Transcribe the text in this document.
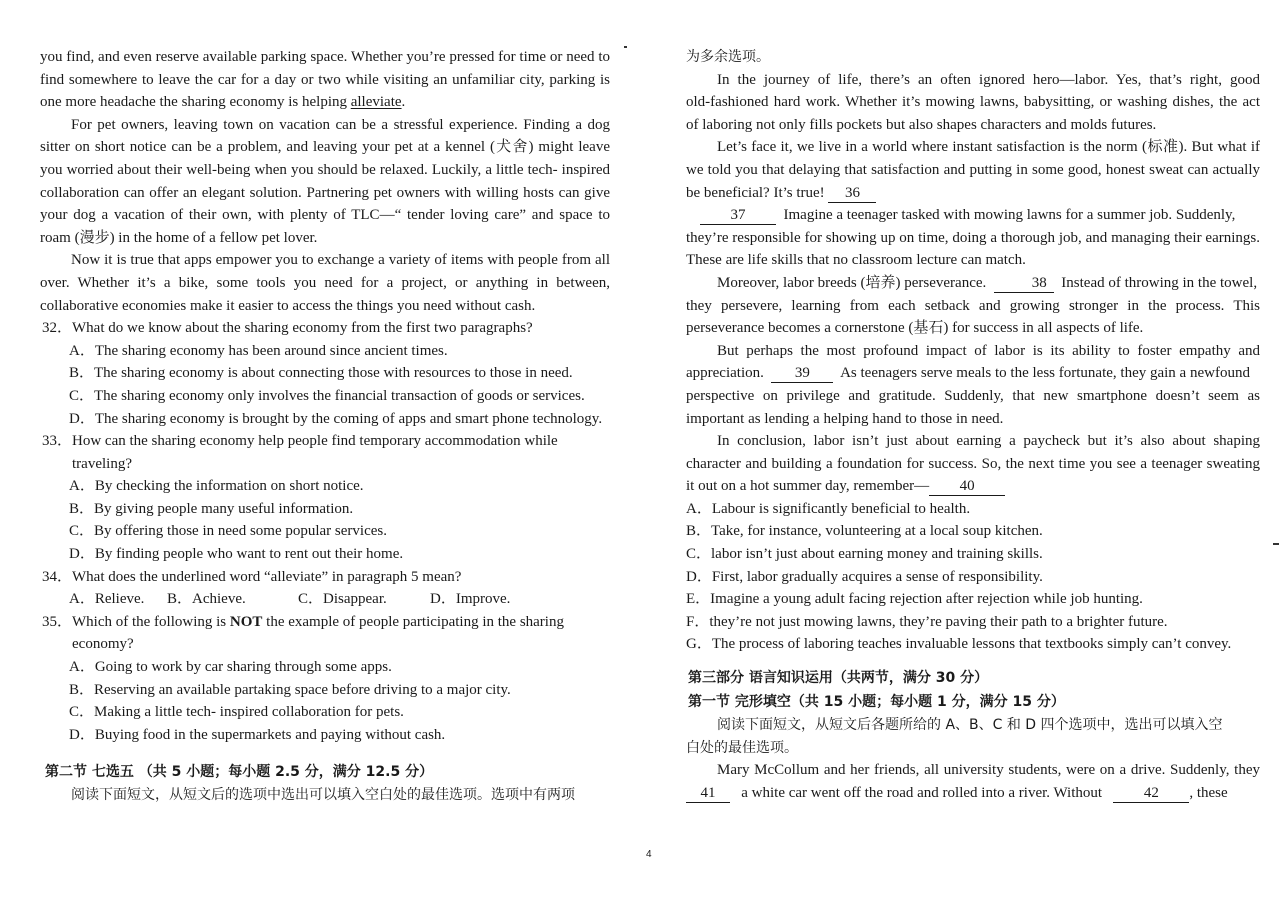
you find, and even reserve available parking space. Whether you’re pressed for time or need to
find somewhere to leave the car for a day or two while visiting an unfamiliar city, parking is
one more headache the sharing economy is helping alleviate.
For pet owners, leaving town on vacation can be a stressful experience. Finding a dog
sitter on short notice can be a problem, and leaving your pet at a kennel (犬舍) might leave
you worried about their well-being when you should be relaxed. Luckily, a little tech- inspired
collaboration can offer an elegant solution. Partnering pet owners with willing hosts can give
your dog a vacation of their own, with plenty of TLC—“ tender loving care” and space to
roam (漫步) in the home of a fellow pet lover.
Now it is true that apps empower you to exchange a variety of items with people from all
over. Whether it’s a bike, some tools you need for a project, or anything in between,
collaborative economies make it easier to access the things you need without cash.
32．What do we know about the sharing economy from the first two paragraphs?
A．The sharing economy has been around since ancient times.
B．The sharing economy is about connecting those with resources to those in need.
C．The sharing economy only involves the financial transaction of goods or services.
D．The sharing economy is brought by the coming of apps and smart phone technology.
33．How can the sharing economy help people find temporary accommodation while
traveling?
A．By checking the information on short notice.
B．By giving people many useful information.
C．By offering those in need some popular services.
D．By finding people who want to rent out their home.
34．What does the underlined word “alleviate” in paragraph 5 mean?
A．Relieve. B．Achieve.	C．Disappear.	D．Improve.
35．Which of the following is NOT the example of people participating in the sharing
economy?
A．Going to work by car sharing through some apps.
B．Reserving an available partaking space before driving to a major city.
C．Making a little tech- inspired collaboration for pets.
D．Buying food in the supermarkets and paying without cash.
第二节 七选五 （共 5 小题；每小题 2.5 分，满分 12.5 分）
阅读下面短文，从短文后的选项中选出可以填入空白处的最佳选项。选项中有两项
为多余选项。
In the journey of life, there’s an often ignored hero—labor. Yes, that’s right, good
old-fashioned hard work. Whether it’s mowing lawns, babysitting, or washing dishes, the act
of laboring not only fills pockets but also shapes characters and molds futures.
Let’s face it, we live in a world where instant satisfaction is the norm (标准). But what if
we told you that delaying that satisfaction and putting in some good, honest sweat can actually
be beneficial? It’s true! 36
37	Imagine a teenager tasked with mowing lawns for a summer job. Suddenly,
they’re responsible for showing up on time, doing a thorough job, and managing their earnings.
These are life skills that no classroom lecture can match.
Moreover, labor breeds (培养) perseverance.	38 Instead of throwing in the towel,
they persevere, learning from each setback and growing stronger in the process. This
perseverance becomes a cornerstone (基石) for success in all aspects of life.
But perhaps the most profound impact of labor is its ability to foster empathy and
appreciation. 39 As teenagers serve meals to the less fortunate, they gain a newfound
perspective on privilege and gratitude. Suddenly, that new smartphone doesn’t seem as
important as lending a helping hand to those in need.
In conclusion, labor isn’t just about earning a paycheck but it’s also about shaping
character and building a foundation for success. So, the next time you see a teenager sweating
it out on a hot summer day, remember— 40
A．Labour is significantly beneficial to health.
B．Take, for instance, volunteering at a local soup kitchen.
C．labor isn’t just about earning money and training skills.
D．First, labor gradually acquires a sense of responsibility.
E．Imagine a young adult facing rejection after rejection while job hunting.
F．they’re not just mowing lawns, they’re paving their path to a brighter future.
G．The process of laboring teaches invaluable lessons that textbooks simply can’t convey.
第三部分 语言知识运用（共两节，满分 30 分）
第一节 完形填空（共 15 小题；每小题 1 分，满分 15 分）
阅读下面短文，从短文后各题所给的 A、B、C 和 D 四个选项中，选出可以填入空
白处的最佳选项。
Mary McCollum and her friends, all university students, were on a drive. Suddenly, they
41 a white car went off the road and rolled into a river. Without	42 , these
4
